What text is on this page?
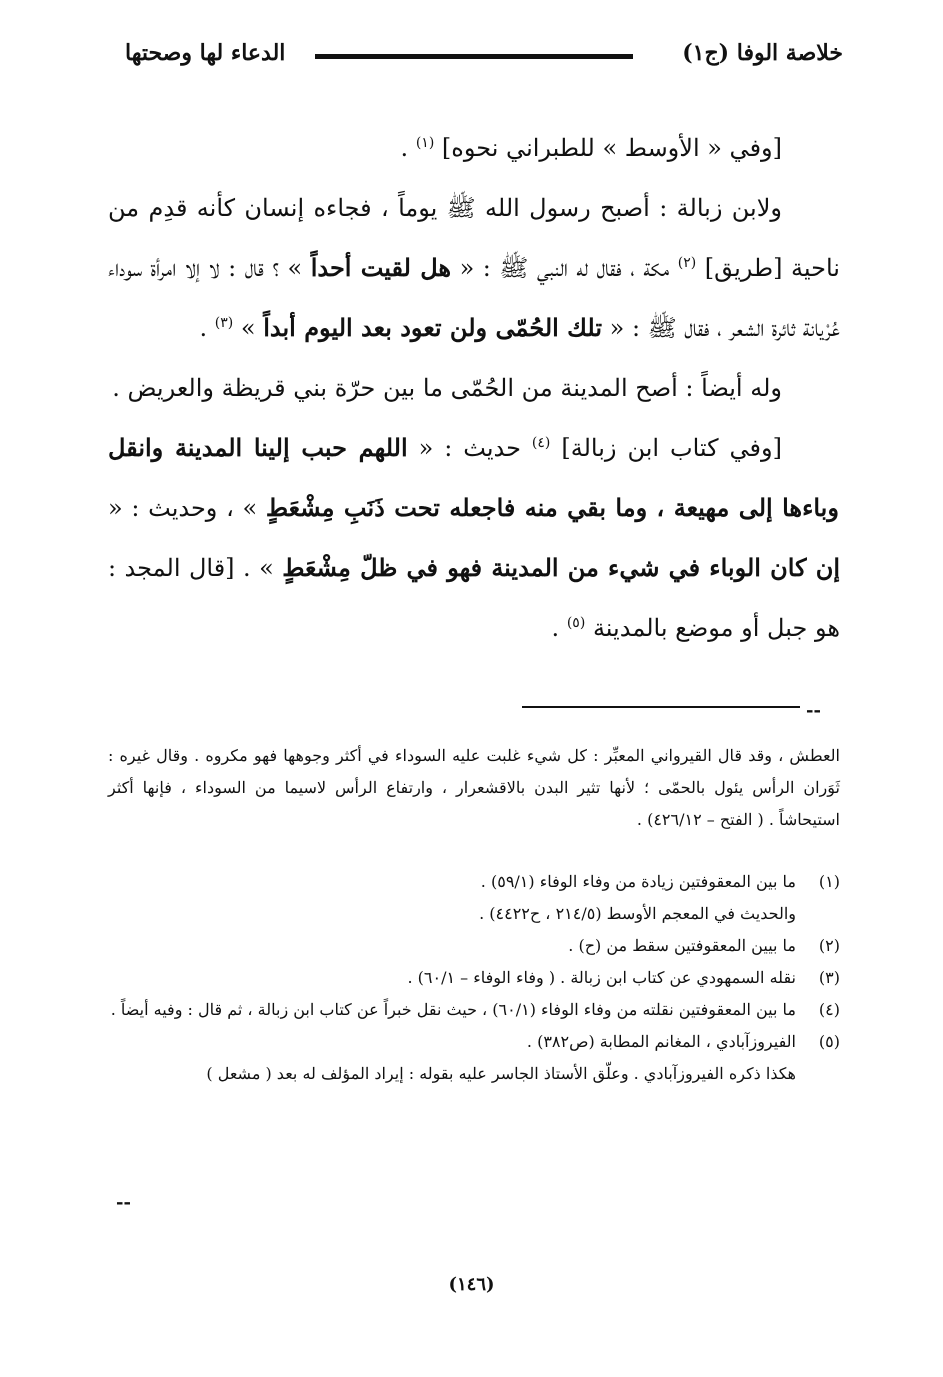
خلاصة الوفا (ج١)
الدعاء لها وصحتها

[وفي « الأوسط » للطبراني نحوه] $^{(١)}$ .

ولابن زبالة : أصبح رسول الله ﷺ يوماً ، فجاءه إنسان كأنه قدِم من ناحية [طريق] $^{(٢)}$ مكة ، فقال له النبي ﷺ : « هل لقيت أحداً » ؟ قال : لا إلا امرأة سوداء عُرْيانة ثائرة الشعر ، فقال ﷺ : « تلك الحُمّى ولن تعود بعد اليوم أبداً » $^{(٣)}$ .

وله أيضاً : أصح المدينة من الحُمّى ما بين حرّة بني قريظة والعريض .

[وفي كتاب ابن زبالة] $^{(٤)}$ حديث : « اللهم حبب إلينا المدينة وانقل وباءها إلى مهيعة ، وما بقي منه فاجعله تحت ذَنَبِ مِشْعَطٍ » ، وحديث : « إن كان الوباء في شيء من المدينة فهو في ظلّ مِشْعَطٍ » . [قال المجد : هو جبل أو موضع بالمدينة $^{(٥)}$ .

--

العطش ، وقد قال القيرواني المعبِّر : كل شيء غلبت عليه السوداء في أكثر وجوهها فهو مكروه . وقال غيره : ثَوَران الرأس يئول بالحمّى ؛ لأنها تثير البدن بالاقشعرار ، وارتفاع الرأس لاسيما من السوداء ، فإنها أكثر استيحاشاً . ( الفتح – ٤٢٦/١٢) .

(١)
ما بين المعقوفتين زيادة من وفاء الوفاء (٥٩/١) .
والحديث في المعجم الأوسط (٢١٤/٥ ، ح٤٤٢٢) .
(٢)
ما بيين المعقوفتين سقط من (ح) .
(٣)
نقله السمهودي عن كتاب ابن زبالة . ( وفاء الوفاء – ٦٠/١) .
(٤)
ما بين المعقوفتين نقلته من وفاء الوفاء (٦٠/١) ، حيث نقل خبراً عن كتاب ابن زبالة ، ثم قال : وفيه أيضاً .
(٥)
الفيروزآبادي ، المغانم المطابة (ص٣٨٢) .
هكذا ذكره الفيروزآبادي . وعلّق الأستاذ الجاسر عليه بقوله : إيراد المؤلف له بعد ( مشعل )
--
(١٤٦)
